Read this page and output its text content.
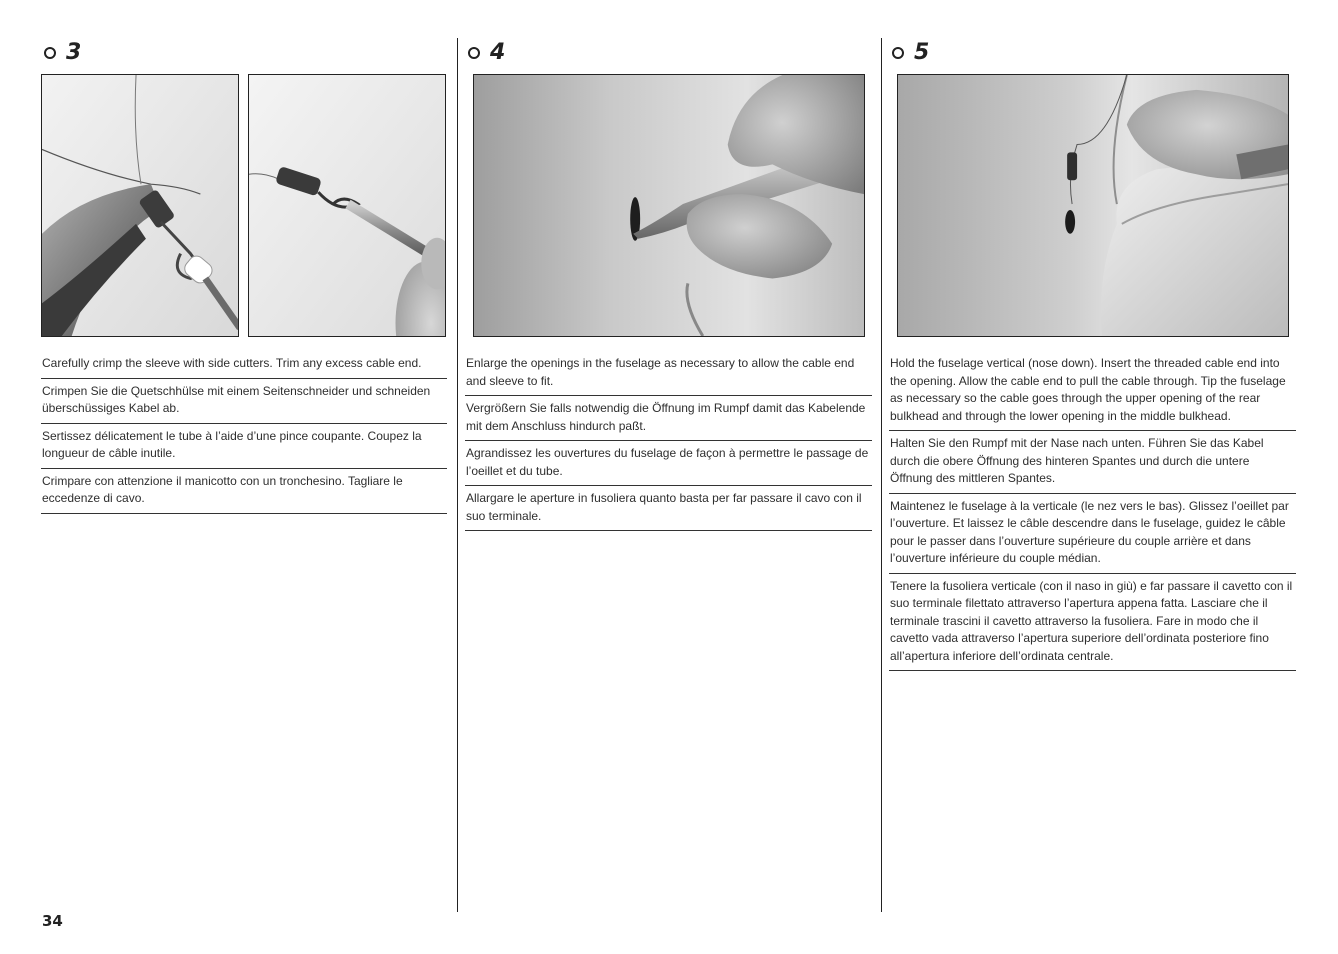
3
Carefully crimp the sleeve with side cutters. Trim any excess cable end.
Crimpen Sie die Quetschhülse mit einem Seitenschneider und schneiden überschüssiges Kabel ab.
Sertissez délicatement le tube à l’aide d’une pince coupante. Coupez la longueur de câble inutile.
Crimpare con attenzione il manicotto con un tronchesino. Tagliare le eccedenze di cavo.
4
Enlarge the openings in the fuselage as necessary to allow the cable end and sleeve to fit.
Vergrößern Sie falls notwendig die Öffnung im Rumpf damit das Kabelende mit dem Anschluss hindurch paßt.
Agrandissez les ouvertures du fuselage de façon à permettre le passage de l’oeillet et du tube.
Allargare le aperture in fusoliera quanto basta per far passare il cavo con il suo terminale.
5
Hold the fuselage vertical (nose down). Insert the threaded cable end into the opening. Allow the cable end to pull the cable through. Tip the fuselage as necessary so the cable goes through the upper opening of the rear bulkhead and through the lower opening in the middle bulkhead.
Halten Sie den Rumpf mit der Nase nach unten. Führen Sie das Kabel durch die obere Öffnung des hinteren Spantes und durch die untere Öffnung des mittleren Spantes.
Maintenez le fuselage à la verticale (le nez vers le bas). Glissez l’oeillet par l’ouverture. Et laissez le câble descendre dans le fuselage, guidez le câble pour le passer dans l’ouverture supérieure du couple arrière et dans l’ouverture inférieure du couple médian.
Tenere la fusoliera verticale (con il naso in giù) e far passare il cavetto con il suo terminale filettato attraverso l’apertura appena fatta. Lasciare che il terminale trascini il cavetto attraverso la fusoliera. Fare in modo che il cavetto vada attraverso l’apertura superiore dell’ordinata posteriore fino all’apertura inferiore dell’ordinata centrale.
34
